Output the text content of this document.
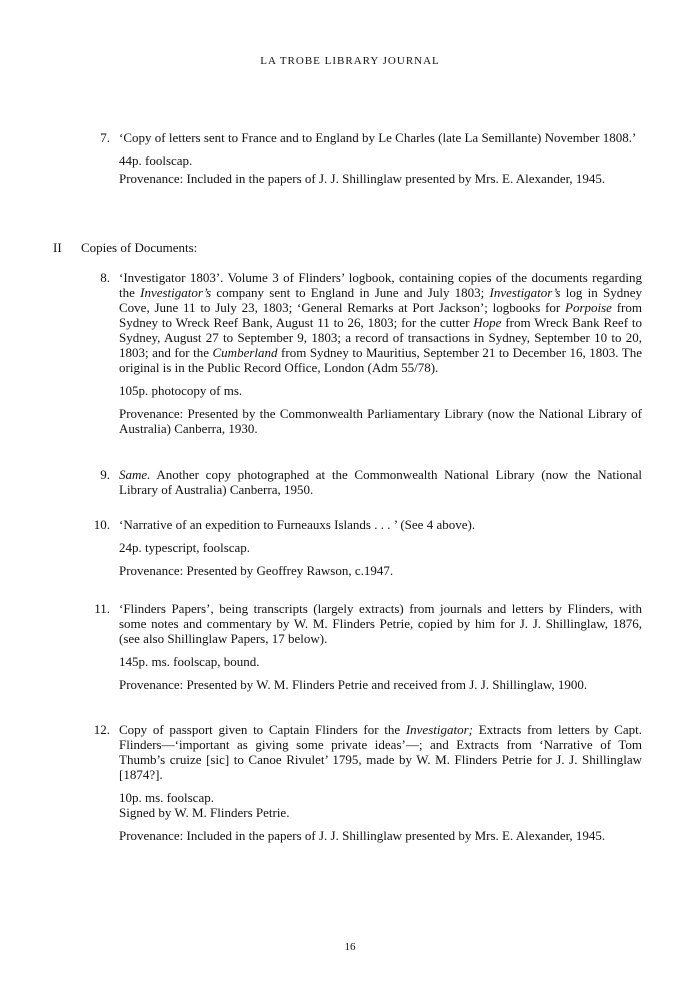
LA TROBE LIBRARY JOURNAL
7. ‘Copy of letters sent to France and to England by Le Charles (late La Semillante) November 1808.’

44p. foolscap.

Provenance: Included in the papers of J. J. Shillinglaw presented by Mrs. E. Alexander, 1945.

II Copies of Documents:
8. ‘Investigator 1803’. Volume 3 of Flinders’ logbook, containing copies of the documents regarding the Investigator’s company sent to England in June and July 1803; Investigator’s log in Sydney Cove, June 11 to July 23, 1803; ‘General Remarks at Port Jackson’; logbooks for Porpoise from Sydney to Wreck Reef Bank, August 11 to 26, 1803; for the cutter Hope from Wreck Bank Reef to Sydney, August 27 to September 9, 1803; a record of transactions in Sydney, September 10 to 20, 1803; and for the Cumberland from Sydney to Mauritius, September 21 to December 16, 1803. The original is in the Public Record Office, London (Adm 55/78).

105p. photocopy of ms.

Provenance: Presented by the Commonwealth Parliamentary Library (now the National Library of Australia) Canberra, 1930.

9. Same. Another copy photographed at the Commonwealth National Library (now the National Library of Australia) Canberra, 1950.

10. ‘Narrative of an expedition to Furneauxs Islands . . . ’ (See 4 above).

24p. typescript, foolscap.

Provenance: Presented by Geoffrey Rawson, c.1947.

11. ‘Flinders Papers’, being transcripts (largely extracts) from journals and letters by Flinders, with some notes and commentary by W. M. Flinders Petrie, copied by him for J. J. Shillinglaw, 1876, (see also Shillinglaw Papers, 17 below).

145p. ms. foolscap, bound.

Provenance: Presented by W. M. Flinders Petrie and received from J. J. Shillinglaw, 1900.

12. Copy of passport given to Captain Flinders for the Investigator; Extracts from letters by Capt. Flinders—‘important as giving some private ideas’—; and Extracts from ‘Narrative of Tom Thumb’s cruize [sic] to Canoe Rivulet’ 1795, made by W. M. Flinders Petrie for J. J. Shillinglaw [1874?].

10p. ms. foolscap.

Signed by W. M. Flinders Petrie.

Provenance: Included in the papers of J. J. Shillinglaw presented by Mrs. E. Alexander, 1945.

16
